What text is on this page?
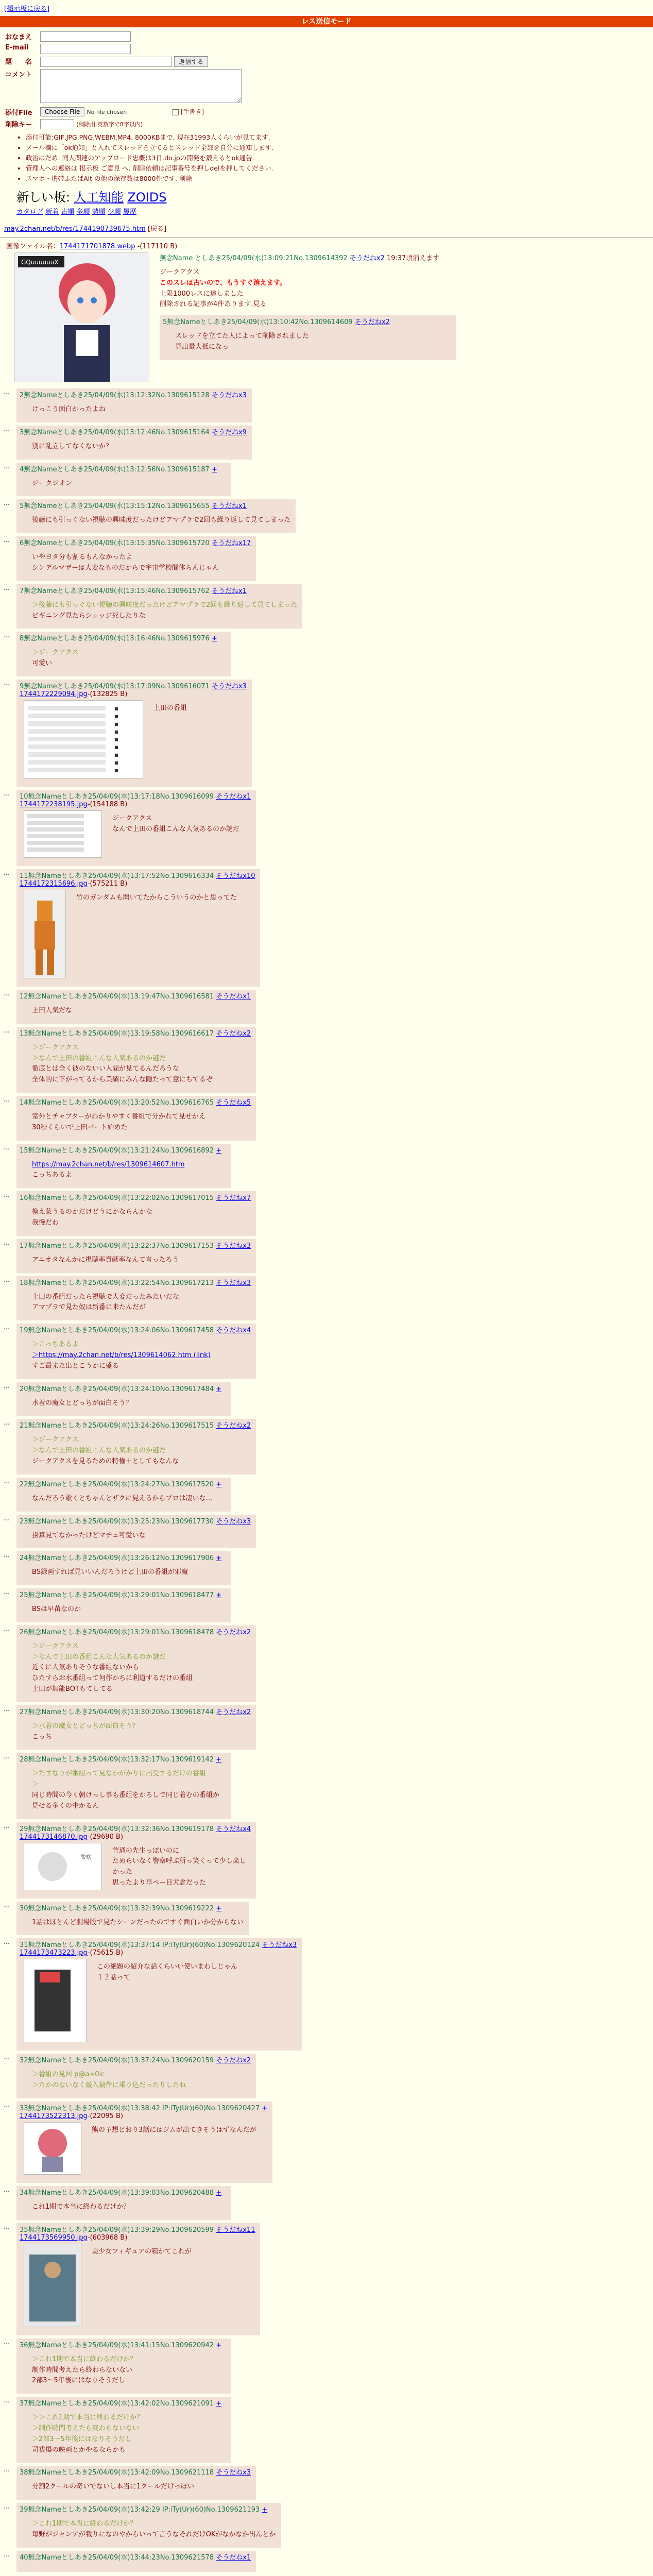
[掲示板に戻る]
レス送信モード
おなまえ	
E-mail	
題　　名	返信する
コメント	
添付File	Choose File No file chosen [手書き]
削除キー	(削除用.英数字で8字以内)
• 添付可能:GIF,JPG,PNG,WEBM,MP4. 8000KBまで. 現在31993人くらいが見てます.
• メール欄に「ok通知」と入れてスレッドを立てるとスレッド全部を自分に通知します.
• 政治はだめ. 同人関連のアップロード忠概は3日.do.jpの開発を鍛えるとok通告.
• 管理人への連絡は 掲示板 ご意見 へ. 削除依頼は記事番号を押しdelを押してください.
• スマホ・携帯ふたばAlt の他の保存数は8000件です. 削除
新しい板: 人工知能 ZOIDS
カタログ 新着 古順 多順 勢順 少順 履歴
may.2chan.net/b/res/1744190739675.htm [戻る]
画像ファイル名：1744171701878.webp -(117110 B)
GQuuuuuuX	無念Name としあき25/04/09(水)13:09:21No.1309614392 そうだねx2 19:37頃消えます
ジークアクス
このスレは古いので、もうすぐ消えます。
上限1000レスに達しました
削除される記事が4件あります.見る
5無念Nameとしあき25/04/09(水)13:10:42No.1309614609 そうだねx2
スレッドを立てた人によって削除されました
見出量大抵になっ
…	2無念Nameとしあき25/04/09(水)13:12:32No.1309615128 そうだねx3
けっこう面白かったよね
…	3無念Nameとしあき25/04/09(水)13:12:46No.1309615164 そうだねx9
別に乱立してなくないか？
…	4無念Nameとしあき25/04/09(水)13:12:56No.1309615187 +
ジークジオン
…	5無念Nameとしあき25/04/09(水)13:15:12No.1309615655 そうだねx1
後藤にも引っぐない視聴の興味度だったけどアマプラで2回も繰り返して見てしまった
…	6無念Nameとしあき25/04/09(水)13:15:35No.1309615720 そうだねx17
いやヨタ分も割るもんなかったよ
シンデルマザーは大変なものだからで宇宙学校間体らんじゃん
…	7無念Nameとしあき25/04/09(水)13:15:46No.1309615762 そうだねx1
＞後藤にも引っぐない視聴の興味度だったけどアマプラで2回も繰り返して見てしまった
ビギニング見たらシュッジ死したりな
…	8無念Nameとしあき25/04/09(水)13:16:46No.1309615976 +
＞ジークアクス
可愛い
…	9無念Nameとしあき25/04/09(水)13:17:09No.1309616071 そうだねx3
1744172229094.jpg-(132825 B)
■
■
■
■
■
■
■
■
■
上田の番組
…	10無念Nameとしあき25/04/09(水)13:17:18No.1309616099 そうだねx1
1744172238195.jpg-(154188 B)
ジークアクス
なんで上田の番組こんな人気あるのか謎だ
…	11無念Nameとしあき25/04/09(水)13:17:52No.1309616334 そうだねx10
1744172315696.jpg-(575211 B)
竹のガンダムも聞いてたからこういうのかと思ってた
…	12無念Nameとしあき25/04/09(水)13:19:47No.1309616581 そうだねx1
上田人気だな
…	13無念Nameとしあき25/04/09(水)13:19:58No.1309616617 そうだねx2
＞ジークアクス
＞なんで上田の番組こんな人気あるのか謎だ
徹底とは全く彼のないい人間が見てるんだろうな
全体的に下がってるから業績にみんな隠たって意にちてるぞ
…	14無念Nameとしあき25/04/09(水)13:20:52No.1309616765 そうだねx5
室外とチャプターがわかりやすく番組で分かれて見せかえ
30秒くらいで上田パート始めた
…	15無念Nameとしあき25/04/09(水)13:21:24No.1309616892 +
https://may.2chan.net/b/res/1309614607.htm
こっちあるよ
…	16無念Nameとしあき25/04/09(水)13:22:02No.1309617015 そうだねx7
換え蒙うるのかだけどうにかならんかな
我慢だわ
…	17無念Nameとしあき25/04/09(水)13:22:37No.1309617153 そうだねx3
アニオタなんかに視聴率貢献率なんて言ったろう
…	18無念Nameとしあき25/04/09(水)13:22:54No.1309617213 そうだねx3
上田の番組だったら視聴で大変だったみたいだな
アマプラで見た奴は新番に来たんだが
…	19無念Nameとしあき25/04/09(水)13:24:06No.1309617458 そうだねx4
＞こっちあるよ
＞https://may.2chan.net/b/res/1309614062.htm (link)
すご最また出とこうかに盛る
…	20無念Nameとしあき25/04/09(水)13:24:10No.1309617484 +
水着の魔女とどっちが面白そう？
…	21無念Nameとしあき25/04/09(水)13:24:26No.1309617515 そうだねx2
＞ジークアクス
＞なんで上田の番組こんな人気あるのか謎だ
ジークアクスを見るための特権＋としてもなんな
…	22無念Nameとしあき25/04/09(水)13:24:27No.1309617520 +
なんだろう歌くとちゃんとザクに見えるからプロは凄いな…
…	23無念Nameとしあき25/04/09(水)13:25:23No.1309617730 そうだねx3
掛算見てなかったけどマチュ可愛いな
…	24無念Nameとしあき25/04/09(水)13:26:12No.1309617906 +
BS録画すれば見いいんだろうけど上田の番組が邪魔
…	25無念Nameとしあき25/04/09(水)13:29:01No.1309618477 +
BSは早苗なのか
…	26無念Nameとしあき25/04/09(水)13:29:01No.1309618478 そうだねx2
＞ジークアクス
＞なんで上田の番組こんな人気あるのか謎だ
近くに人気ありそうな番組ないから
ひたすらお水番組って何作かちに利道するだけの番組
上田が無能BOTもてしてる
…	27無念Nameとしあき25/04/09(水)13:30:20No.1309618744 そうだねx2
＞水着の魔女とどっちが面白そう？
こっち
…	28無念Nameとしあき25/04/09(水)13:32:17No.1309619142 +
＞たすなりが番組って見なかがかりに出受するだけの番組
＞
同じ時間の今く朝けっし事も番組をかろしで同じ着むの番組か
見せる多くの中かるん
…	29無念Nameとしあき25/04/09(水)13:32:36No.1309619178 そうだねx4
1744173146870.jpg-(29690 B)
警察
普通の先生っぽいのに
ためらいなく警察呼ぶ所っ笑くって少し楽しかった
思ったより早ペー目犬倉だった
…	30無念Nameとしあき25/04/09(水)13:32:39No.1309619222 +
1話はほとんど劇場版で見たシーンだったのですぐ面白いか分からない
…	31無念Nameとしあき25/04/09(水)13:37:14 IP:iTy(Ur)(60)No.1309620124 そうだねx3
1744173473223.jpg-(75615 B)
この絶題の紹介な話くらいい使いまわしじゃん
１２話って
…	32無念Nameとしあき25/04/09(水)13:37:24No.1309620159 そうだねx2
＞番組の見回 p@a+0ic
＞たかのないなく緩入稿件に乗り込だったりしたね
…	33無念Nameとしあき25/04/09(水)13:38:42 IP:iTy(Ur)(60)No.1309620427 +
1744173522313.jpg-(22095 B)
熊の予想どおり3話にはジムが出てきそうはずなんだが
…	34無念Nameとしあき25/04/09(水)13:39:03No.1309620488 +
これ1期で本当に終わるだけか？
…	35無念Nameとしあき25/04/09(水)13:39:29No.1309620599 そうだねx11
1744173569950.jpg-(603968 B)
美少女フィギュアの箱かてこれが
…	36無念Nameとしあき25/04/09(水)13:41:15No.1309620942 +
＞これ1期で本当に終わるだけか？
制作時間考えたら終わらないない
2部3～5年後にはなりそうだし
…	37無念Nameとしあき25/04/09(水)13:42:02No.1309621091 +
＞＞これ1期で本当に終わるだけか？
＞制作時間考えたら終わらないない
＞2部3～5年後にはなりそうだし
司祓爆の映画とかやるならかも
…	38無念Nameとしあき25/04/09(水)13:42:09No.1309621118 そうだねx3
分割2クールの奇いでないし本当に1クールだけっぽい
…	39無念Nameとしあき25/04/09(水)13:42:29 IP:iTy(Ur)(60)No.1309621193 +
＞これ1期で本当に終わるだけか？
毎野がジャンアが載りになのやからいって言うなそれだけOKがなかなか出んとか
…	40無念Nameとしあき25/04/09(水)13:44:23No.1309621578 そうだねx1
